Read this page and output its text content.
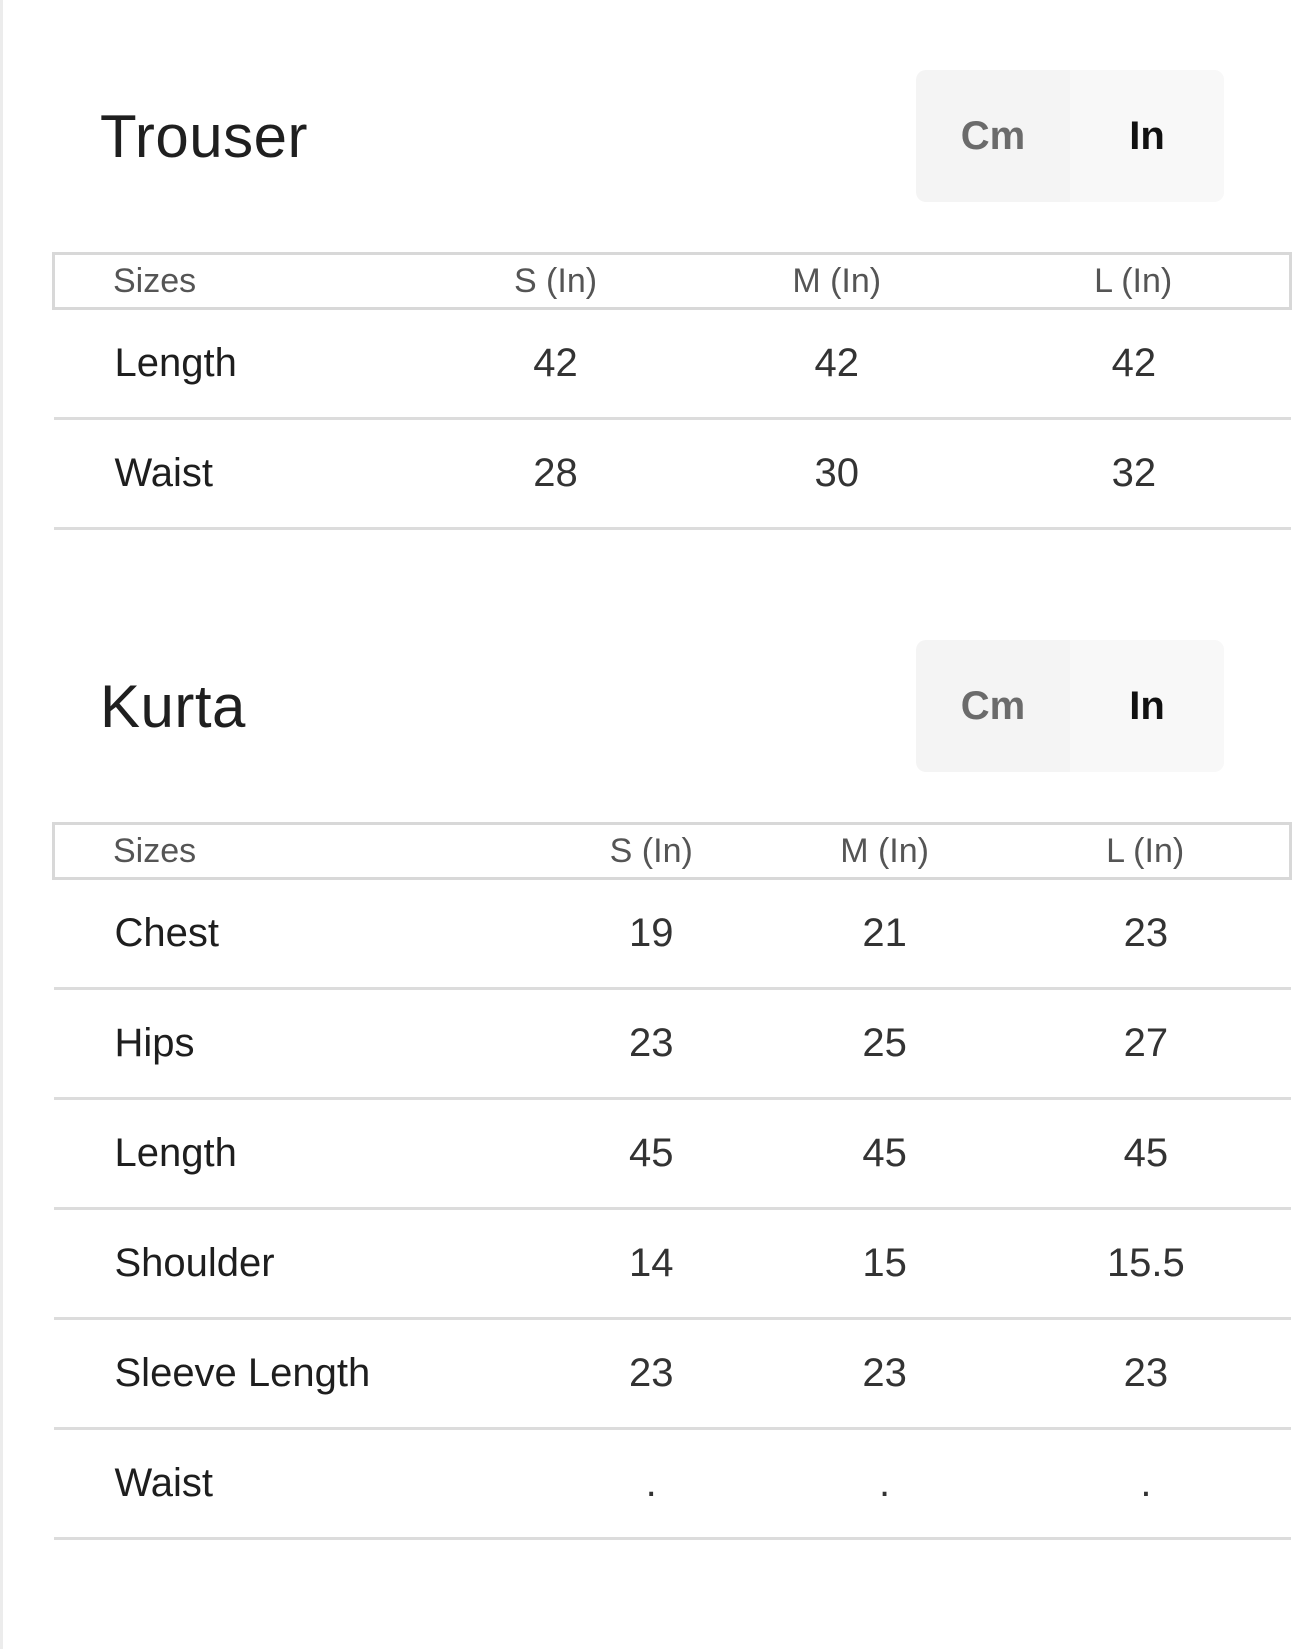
Trouser	Cm	In
Sizes	S (In)	M (In)	L (In)
Length	42	42	42
Waist	28	30	32
Kurta	Cm	In
Sizes	S (In)	M (In)	L (In)
Chest	19	21	23
Hips	23	25	27
Length	45	45	45
Shoulder	14	15	15.5
Sleeve Length	23	23	23
Waist	.	.	.
